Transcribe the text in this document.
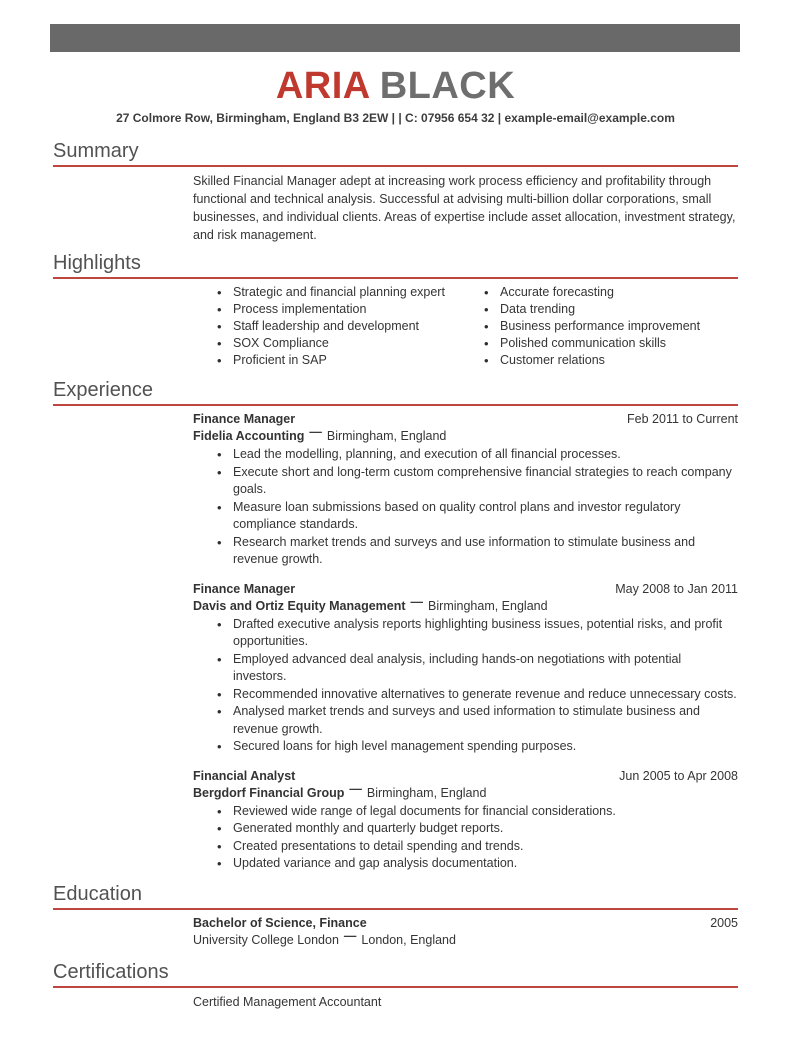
ARIA BLACK
27 Colmore Row, Birmingham, England B3 2EW | | C: 07956 654 32 | example-email@example.com
Summary
Skilled Financial Manager adept at increasing work process efficiency and profitability through functional and technical analysis. Successful at advising multi-billion dollar corporations, small businesses, and individual clients. Areas of expertise include asset allocation, investment strategy, and risk management.
Highlights
• Strategic and financial planning expert
• Process implementation
• Staff leadership and development
• SOX Compliance
• Proficient in SAP
• Accurate forecasting
• Data trending
• Business performance improvement
• Polished communication skills
• Customer relations
Experience
Finance Manager	Feb 2011 to Current
Fidelia Accounting — Birmingham, England
• Lead the modelling, planning, and execution of all financial processes.
• Execute short and long-term custom comprehensive financial strategies to reach company goals.
• Measure loan submissions based on quality control plans and investor regulatory compliance standards.
• Research market trends and surveys and use information to stimulate business and revenue growth.
Finance Manager	May 2008 to Jan 2011
Davis and Ortiz Equity Management — Birmingham, England
• Drafted executive analysis reports highlighting business issues, potential risks, and profit opportunities.
• Employed advanced deal analysis, including hands-on negotiations with potential investors.
• Recommended innovative alternatives to generate revenue and reduce unnecessary costs.
• Analysed market trends and surveys and used information to stimulate business and revenue growth.
• Secured loans for high level management spending purposes.
Financial Analyst	Jun 2005 to Apr 2008
Bergdorf Financial Group — Birmingham, England
• Reviewed wide range of legal documents for financial considerations.
• Generated monthly and quarterly budget reports.
• Created presentations to detail spending and trends.
• Updated variance and gap analysis documentation.
Education
Bachelor of Science, Finance	2005
University College London — London, England
Certifications
Certified Management Accountant
